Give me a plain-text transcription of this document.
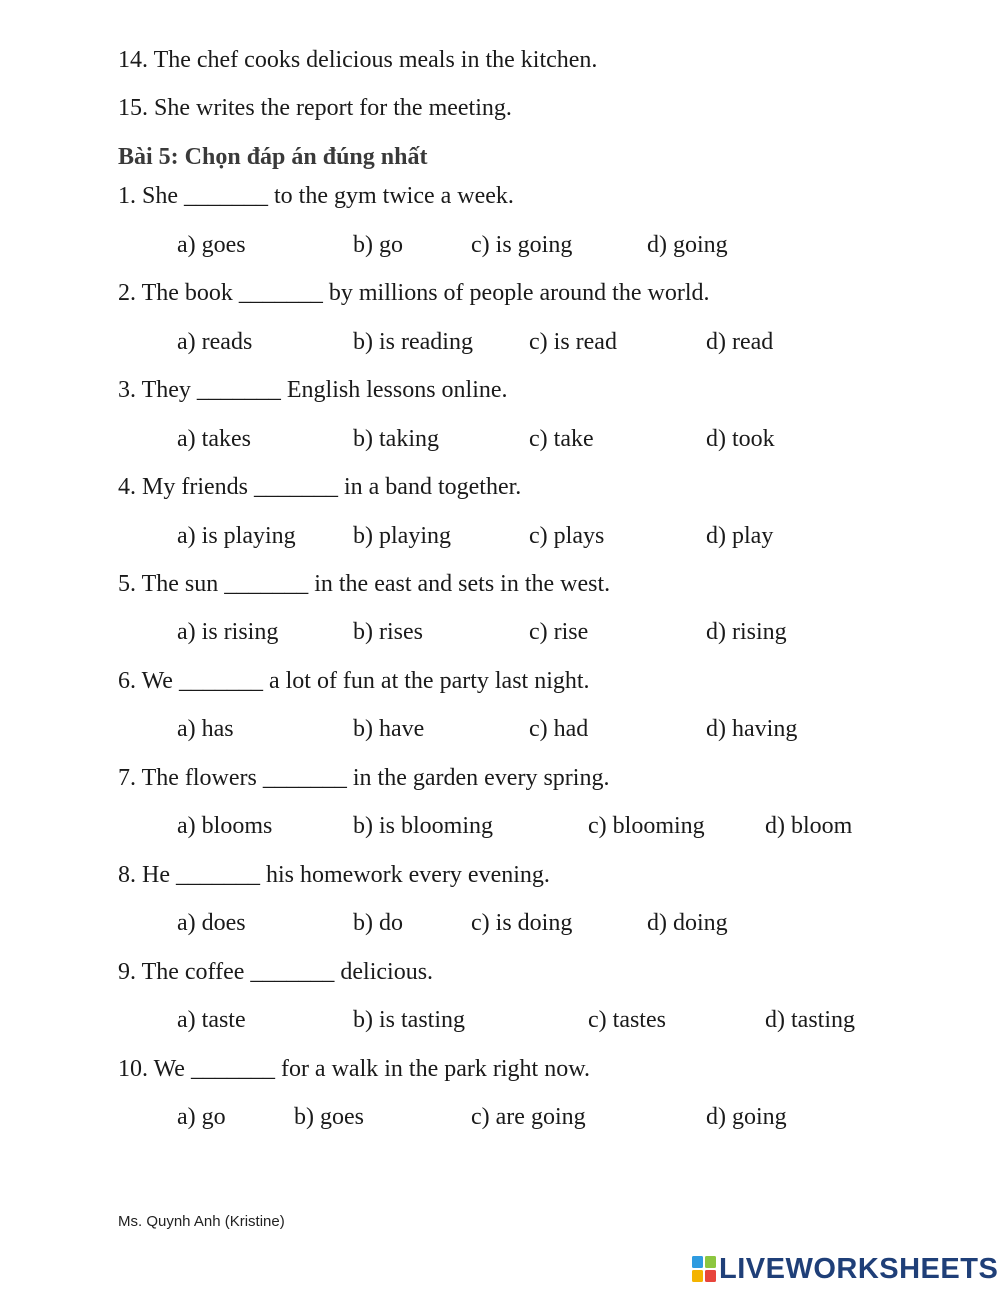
14. The chef cooks delicious meals in the kitchen.
15. She writes the report for the meeting.
Bài 5: Chọn đáp án đúng nhất
1. She _______ to the gym twice a week.
a) goes	b) go	c) is going	d) going
2. The book _______ by millions of people around the world.
a) reads	b) is reading c) is read	d) read
3. They _______ English lessons online.
a) takes	b) taking	c) take	d) took
4. My friends _______ in a band together.
a) is playing b) playing	c) plays	d) play
5. The sun _______ in the east and sets in the west.
a) is rising	b) rises	c) rise	d) rising
6. We _______ a lot of fun at the party last night.
a) has	b) have	c) had	d) having
7. The flowers _______ in the garden every spring.
a) blooms	b) is blooming	c) blooming	d) bloom
8. He _______ his homework every evening.
a) does	b) do	c) is doing	d) doing
9. The coffee _______ delicious.
a) taste	b) is tasting	c) tastes	d) tasting
10. We _______ for a walk in the park right now.
a) go	b) goes	c) are going	d) going
Ms. Quynh Anh (Kristine)
LIVEWORKSHEETS
